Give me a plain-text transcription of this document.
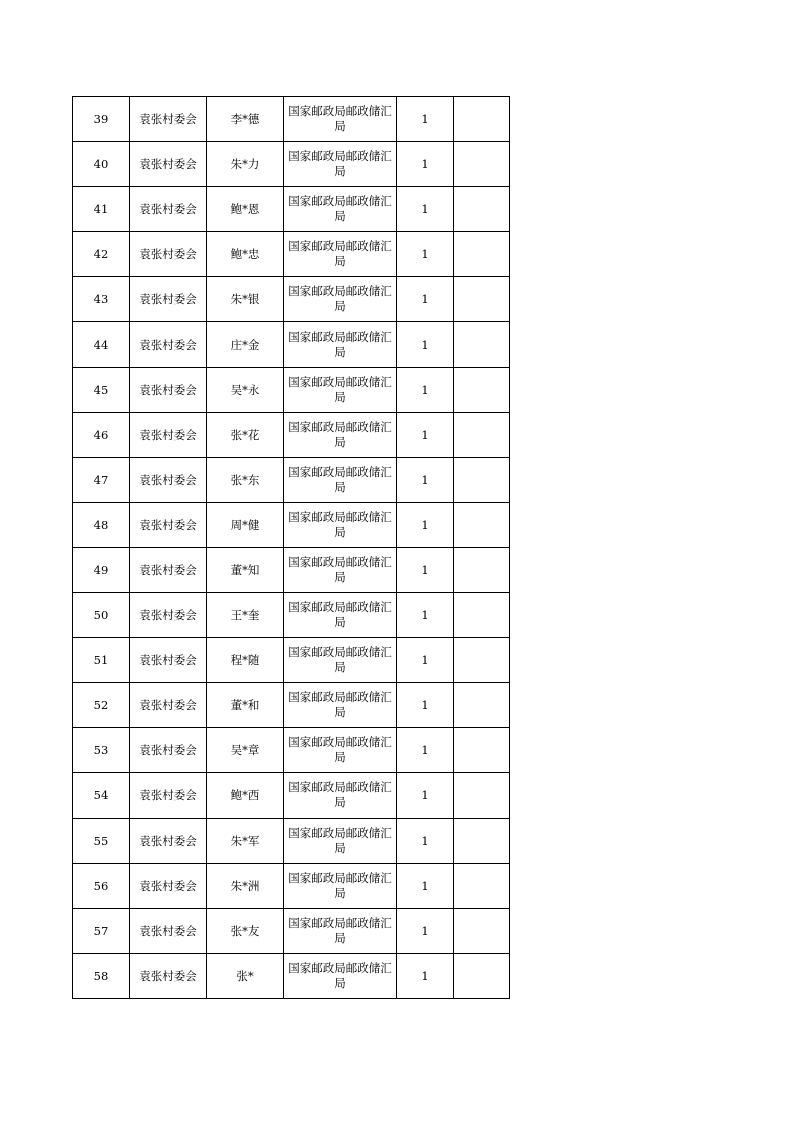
39	袁张村委会	李*德	国家邮政局邮政储汇局	1	
40	袁张村委会	朱*力	国家邮政局邮政储汇局	1	
41	袁张村委会	鲍*恩	国家邮政局邮政储汇局	1	
42	袁张村委会	鲍*忠	国家邮政局邮政储汇局	1	
43	袁张村委会	朱*银	国家邮政局邮政储汇局	1	
44	袁张村委会	庄*金	国家邮政局邮政储汇局	1	
45	袁张村委会	吴*永	国家邮政局邮政储汇局	1	
46	袁张村委会	张*花	国家邮政局邮政储汇局	1	
47	袁张村委会	张*东	国家邮政局邮政储汇局	1	
48	袁张村委会	周*健	国家邮政局邮政储汇局	1	
49	袁张村委会	董*知	国家邮政局邮政储汇局	1	
50	袁张村委会	王*奎	国家邮政局邮政储汇局	1	
51	袁张村委会	程*随	国家邮政局邮政储汇局	1	
52	袁张村委会	董*和	国家邮政局邮政储汇局	1	
53	袁张村委会	吴*章	国家邮政局邮政储汇局	1	
54	袁张村委会	鲍*西	国家邮政局邮政储汇局	1	
55	袁张村委会	朱*军	国家邮政局邮政储汇局	1	
56	袁张村委会	朱*洲	国家邮政局邮政储汇局	1	
57	袁张村委会	张*友	国家邮政局邮政储汇局	1	
58	袁张村委会	张*	国家邮政局邮政储汇局	1	
